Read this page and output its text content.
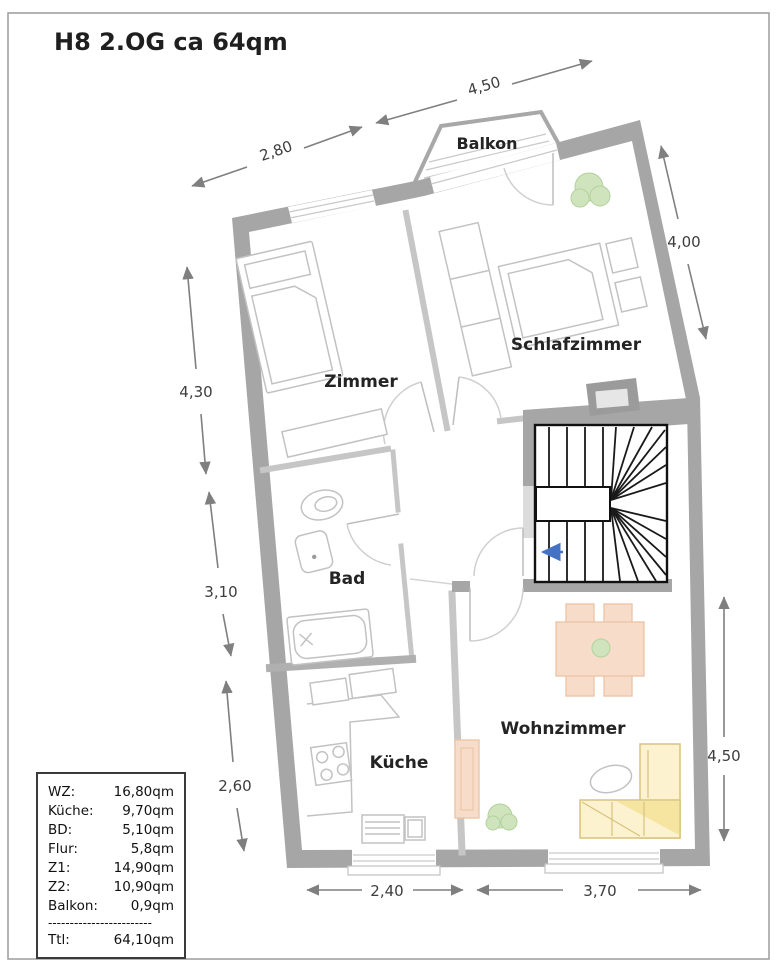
2,80
4,50
4,00
4,30
3,10
2,60
4,50
2,40	3,70
Balkon
Zimmer
Schlafzimmer
Bad
Küche
Wohnzimmer
H8 2.OG ca 64qm
WZ:	16,80qm
Küche: 9,70qm
BD:	5,10qm
Flur:	5,8qm
Z1:	14,90qm
Z2:	10,90qm
Balkon: 0,9qm
------------------------
Ttl:	64,10qm
